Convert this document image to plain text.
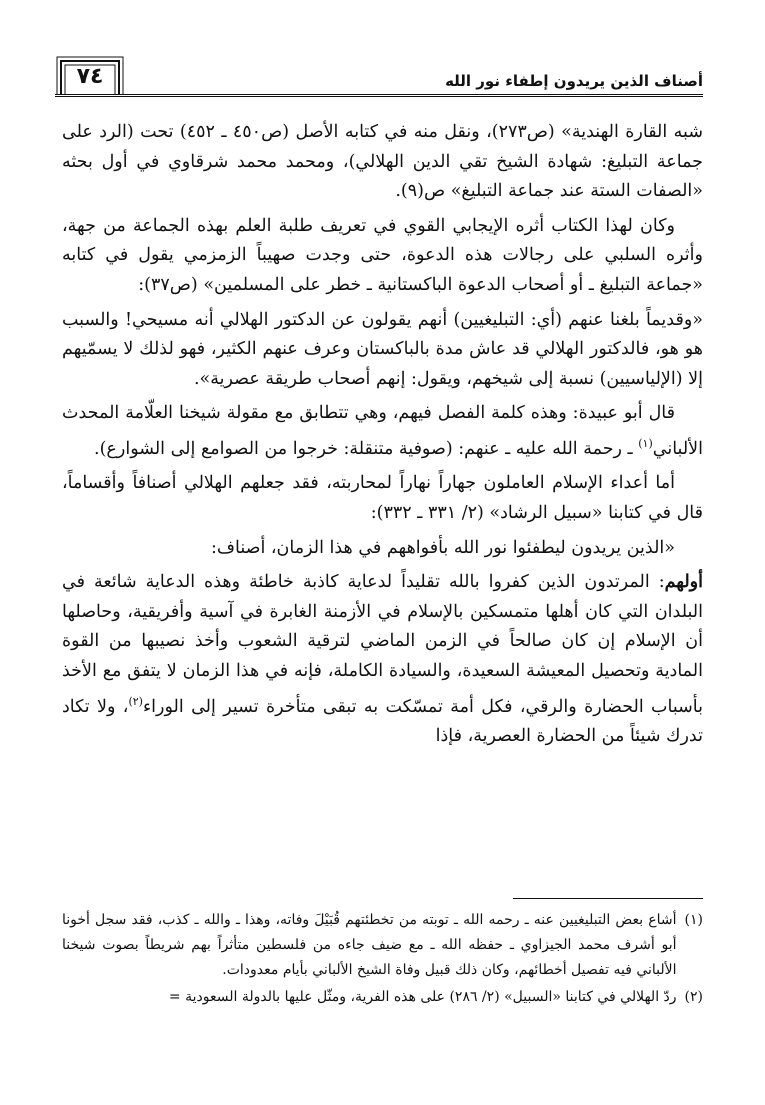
٧٤	أصناف الذين يريدون إطفاء نور الله

شبه القارة الهندية» (ص٢٧٣)، ونقل منه في كتابه الأصل (ص٤٥٠ ـ ٤٥٢) تحت (الرد على جماعة التبليغ: شهادة الشيخ تقي الدين الهلالي)، ومحمد محمد شرقاوي في أول بحثه «الصفات الستة عند جماعة التبليغ» ص(٩).

وكان لهذا الكتاب أثره الإيجابي القوي في تعريف طلبة العلم بهذه الجماعة من جهة، وأثره السلبي على رجالات هذه الدعوة، حتى وجدت صهيباً الزمزمي يقول في كتابه «جماعة التبليغ ـ أو أصحاب الدعوة الباكستانية ـ خطر على المسلمين» (ص٣٧):

«وقديماً بلغنا عنهم (أي: التبليغيين) أنهم يقولون عن الدكتور الهلالي أنه مسيحي! والسبب هو هو، فالدكتور الهلالي قد عاش مدة بالباكستان وعرف عنهم الكثير، فهو لذلك لا يسمّيهم إلا (الإلياسيين) نسبة إلى شيخهم، ويقول: إنهم أصحاب طريقة عصرية».

قال أبو عبيدة: وهذه كلمة الفصل فيهم، وهي تتطابق مع مقولة شيخنا العلّامة المحدث الألباني$^{(١)}$ ـ رحمة الله عليه ـ عنهم: (صوفية متنقلة: خرجوا من الصوامع إلى الشوارع).

أما أعداء الإسلام العاملون جهاراً نهاراً لمحاربته، فقد جعلهم الهلالي أصنافاً وأقساماً، قال في كتابنا «سبيل الرشاد» (٢/ ٣٣١ ـ ٣٣٢):

«الذين يريدون ليطفئوا نور الله بأفواههم في هذا الزمان، أصناف:

أولهم: المرتدون الذين كفروا بالله تقليداً لدعاية كاذبة خاطئة وهذه الدعاية شائعة في البلدان التي كان أهلها متمسكين بالإسلام في الأزمنة الغابرة في آسية وأفريقية، وحاصلها أن الإسلام إن كان صالحاً في الزمن الماضي لترقية الشعوب وأخذ نصيبها من القوة المادية وتحصيل المعيشة السعيدة، والسيادة الكاملة، فإنه في هذا الزمان لا يتفق مع الأخذ بأسباب الحضارة والرقي، فكل أمة تمسّكت به تبقى متأخرة تسير إلى الوراء$^{(٢)}$، ولا تكاد تدرك شيئاً من الحضارة العصرية، فإذا

(١)
أشاع بعض التبليغيين عنه ـ رحمه الله ـ توبته من تخطئتهم قُبَيْلَ وفاته، وهذا ـ والله ـ كذب، فقد سجل أخونا أبو أشرف محمد الجيزاوي ـ حفظه الله ـ مع ضيف جاءه من فلسطين متأثراً بهم شريطاً بصوت شيخنا الألباني فيه تفصيل أخطائهم، وكان ذلك قبيل وفاة الشيخ الألباني بأيام معدودات.
(٢)
ردّ الهلالي في كتابنا «السبيل» (٢/ ٢٨٦) على هذه الفرية، ومثّل عليها بالدولة السعودية =
